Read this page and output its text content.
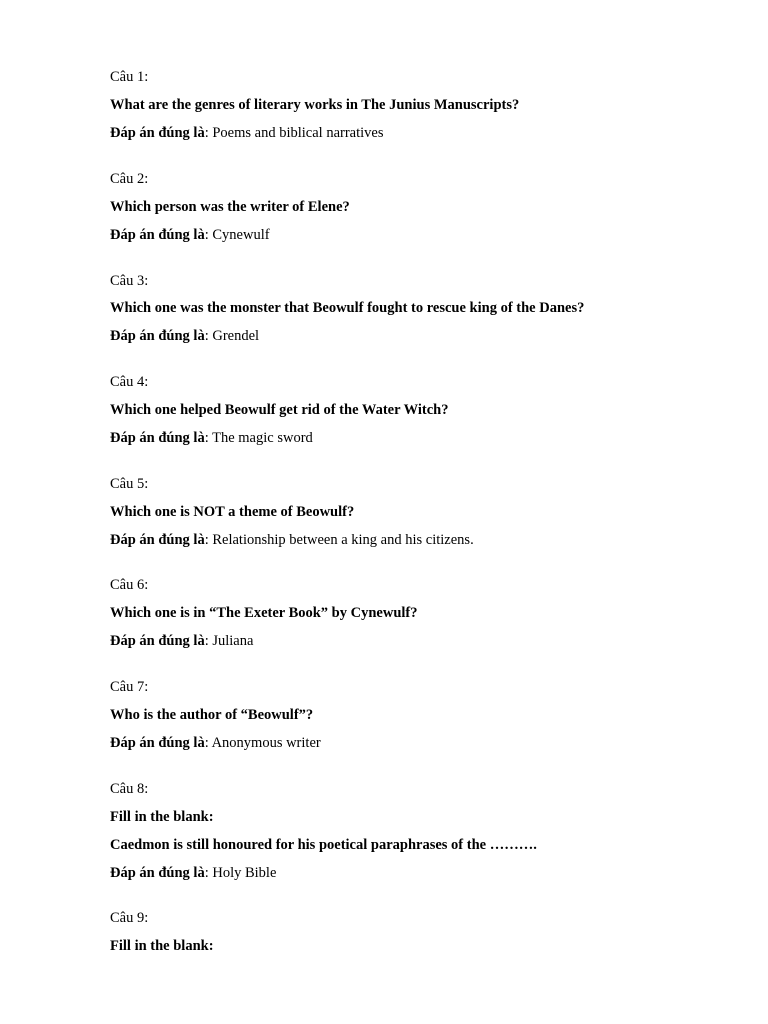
Câu 1:
What are the genres of literary works in The Junius Manuscripts?
Đáp án đúng là: Poems and biblical narratives
Câu 2:
Which person was the writer of Elene?
Đáp án đúng là: Cynewulf
Câu 3:
Which one was the monster that Beowulf fought to rescue king of the Danes?
Đáp án đúng là: Grendel
Câu 4:
Which one helped Beowulf get rid of the Water Witch?
Đáp án đúng là: The magic sword
Câu 5:
Which one is NOT a theme of Beowulf?
Đáp án đúng là: Relationship between a king and his citizens.
Câu 6:
Which one is in “The Exeter Book” by Cynewulf?
Đáp án đúng là: Juliana
Câu 7:
Who is the author of “Beowulf”?
Đáp án đúng là: Anonymous writer
Câu 8:
Fill in the blank:
Caedmon is still honoured for his poetical paraphrases of the ……….
Đáp án đúng là: Holy Bible
Câu 9:
Fill in the blank:
